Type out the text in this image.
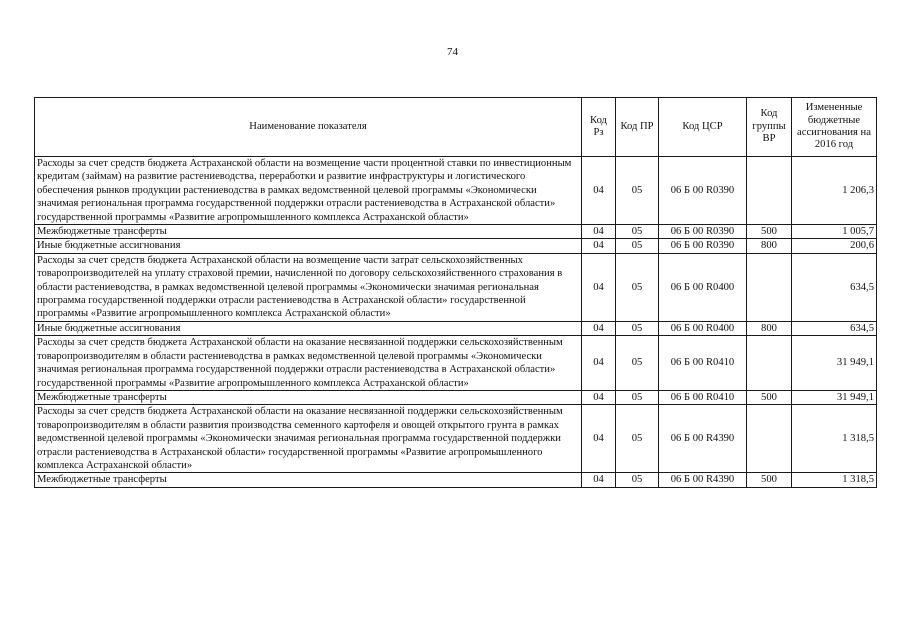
74
Наименование показателя	Код Рз	Код ПР	Код ЦСР	Код группы ВР	Измененные бюджетные ассигнования на 2016 год
Расходы за счет средств бюджета Астраханской области на возмещение части процентной ставки по инвестиционным кредитам (займам) на развитие растениеводства, переработки и развитие инфраструктуры и логистического обеспечения рынков продукции растениеводства в рамках ведомственной целевой программы «Экономически значимая региональная программа государственной поддержки отрасли растениеводства в Астраханской области» государственной программы «Развитие агропромышленного комплекса Астраханской области»	04	05	06 Б 00 R0390		1 206,3
Межбюджетные трансферты	04	05	06 Б 00 R0390	500	1 005,7
Иные бюджетные ассигнования	04	05	06 Б 00 R0390	800	200,6
Расходы за счет средств бюджета Астраханской области на возмещение части затрат сельскохозяйственных товаропроизводителей на уплату страховой премии, начисленной по договору сельскохозяйственного страхования в области растениеводства, в рамках ведомственной целевой программы «Экономически значимая региональная программа государственной поддержки отрасли растениеводства в Астраханской области» государственной программы «Развитие агропромышленного комплекса Астраханской области»	04	05	06 Б 00 R0400		634,5
Иные бюджетные ассигнования	04	05	06 Б 00 R0400	800	634,5
Расходы за счет средств бюджета Астраханской области на оказание несвязанной поддержки сельскохозяйственным товаропроизводителям в области растениеводства в рамках ведомственной целевой программы «Экономически значимая региональная программа государственной поддержки отрасли растениеводства в Астраханской области» государственной программы «Развитие агропромышленного комплекса Астраханской области»	04	05	06 Б 00 R0410		31 949,1
Межбюджетные трансферты	04	05	06 Б 00 R0410	500	31 949,1
Расходы за счет средств бюджета Астраханской области на оказание несвязанной поддержки сельскохозяйственным товаропроизводителям в области развития производства семенного картофеля и овощей открытого грунта в рамках ведомственной целевой программы «Экономически значимая региональная программа государственной поддержки отрасли растениеводства в Астраханской области» государственной программы «Развитие агропромышленного комплекса Астраханской области»	04	05	06 Б 00 R4390		1 318,5
Межбюджетные трансферты	04	05	06 Б 00 R4390	500	1 318,5
